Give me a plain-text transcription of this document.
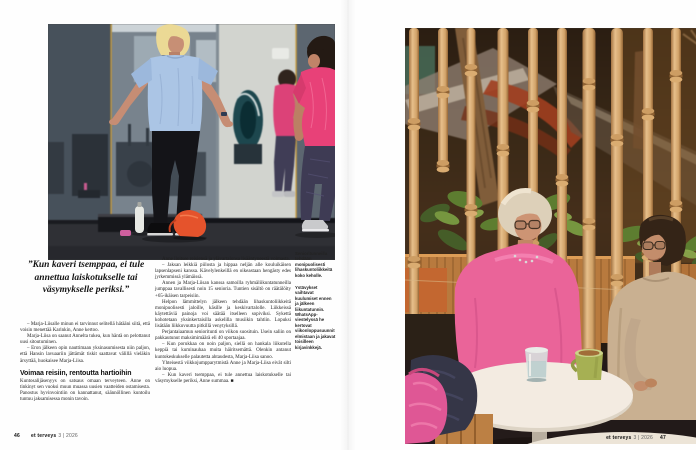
”Kun kaveri tsemppaa, ei tule annettua laiskotukselle tai väsymykselle periksi.”

– Marja-Liisalle minun ei tarvinnut selitellä hätääni siitä, että voisin menettää Karinkin, Anne kertoo.

Marja-Liisa on saanut Annelta tukea, kun häntä on pelottanut uusi sitoutuminen.

– Eron jälkeen opin nauttimaan yksinasumisesta niin paljon, että Hansin lavuaariin jättämät tiskit saattavat välillä vieläkin ärsyttää, huokaisee Marja-Liisa.

Voimaa reisiin, rentoutta hartioihin

Kuntosalijäsenyys on satsaus omaan terveyteen. Anne on tinkinyt sen vuoksi muun muassa uusien vaatteiden ostamisesta. Panostus hyvinvointiin on kannattanut, säännöllinen kuntoilu tuntuu jaksamisessa monin tavoin.

Anne iloitsee reisiensä ja ylävartalonsa lisääntyneestä voimasta.

– Jaksan leikkiä piilosta ja hippaa neljän alle kouluikäisen lapsenlapseni kanssa. Kävelylenkeillä en oikeastaan hengästy edes jyrkemmissä ylämäissä.

Annen ja Marja-Liisan kanssa samoilla ryhmäliikuntatunneilla jumppaa tavallisesti noin 15 senioria. Tuntien sisältö on räätälöity +65-ikäisen tarpeisiin.

Helpon lämmittelyn jälkeen tehdään lihaskuntoliikkeitä monipuolisesti jaloille, käsille ja keskivartalolle. Liikkeissä käytettäviä painoja voi säätää itselleen sopiviksi. Sykettä kohotetaan yksinkertaisilla askelilla musiikin tahtiin. Lopuksi lisätään liikkuvuutta pitkillä venytyksillä.

Perjantaiaamun senioritunti on viikon suosituin. Usein saliin on pakkautunut maksimimäärä eli 40 sportaajaa.

– Kun porukkaa on noin paljon, siellä on hankala liikutella keppiä tai kuminauhaa muita häiritsemättä. Olenkin antanut kuntokeskukselle palautetta ahtaudesta, Marja-Liisa sanoo.

Yhteisestä viikkojumpparytmistä Anne ja Marja-Liisa eivät silti aio luopua.

– Kun kaveri tsemppaa, ei tule annettua laiskotukselle tai väsymykselle periksi, Anne summaa. ■

Senioritunneilla tehdään monipuolisesti lihaskuntoliikkeitä koko keholle.

Ystävykset vaihtavat kuulumiset ennen ja jälkeen liikuntatunnin. WhatsApp-viestelyssä he kertovat viikonloppusuunnitelmistaan ja jakavat toisilleen kirjavinkkejä.

46 et terveys 3 | 2026	et terveys 3 | 2026 47
